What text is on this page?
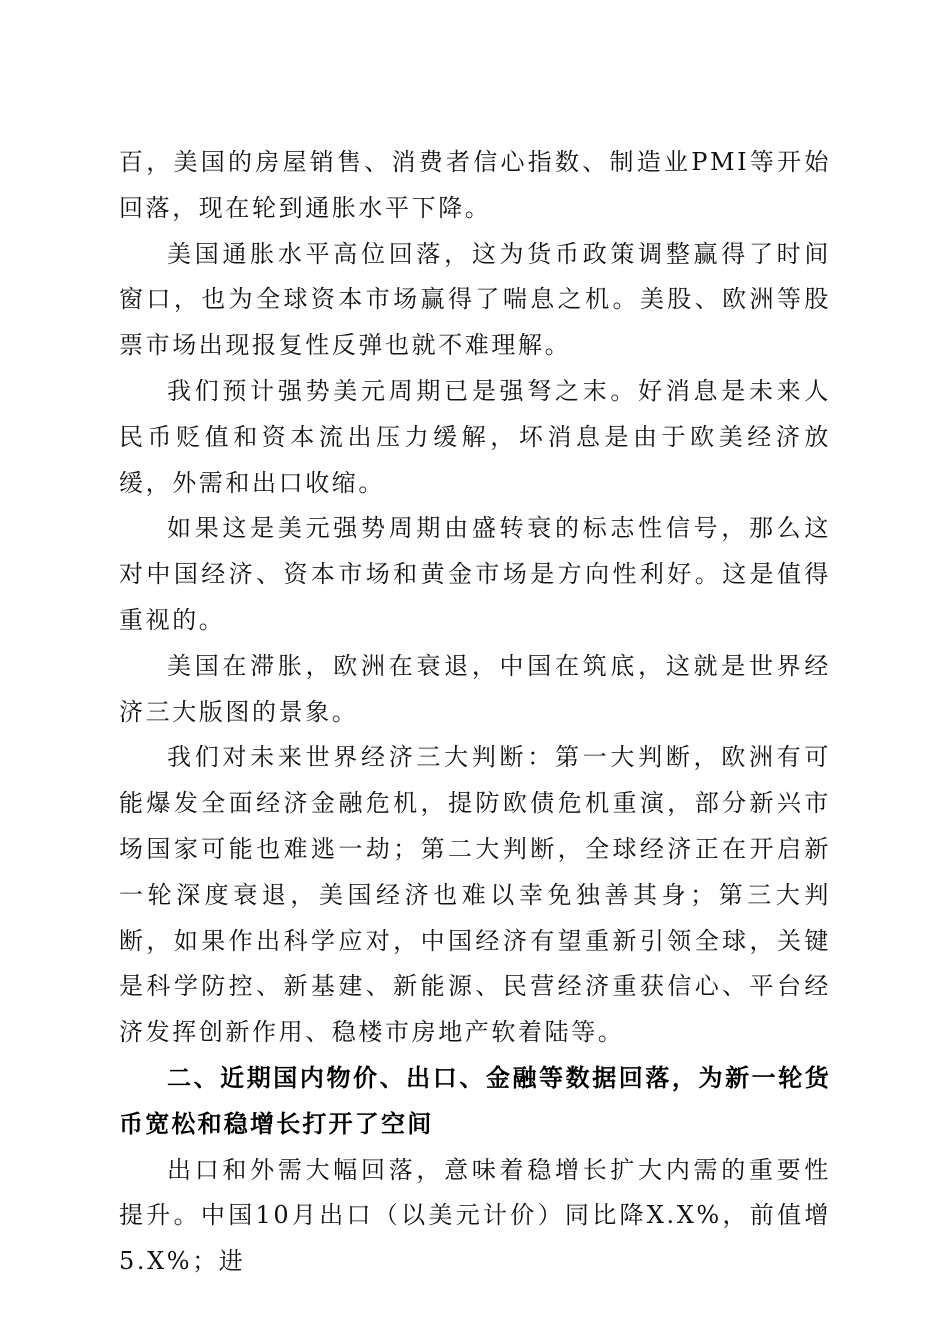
百，美国的房屋销售、消费者信心指数、制造业PMI等开始回落，现在轮到通胀水平下降。

美国通胀水平高位回落，这为货币政策调整赢得了时间窗口，也为全球资本市场赢得了喘息之机。美股、欧洲等股票市场出现报复性反弹也就不难理解。

我们预计强势美元周期已是强弩之末。好消息是未来人民币贬值和资本流出压力缓解，坏消息是由于欧美经济放缓，外需和出口收缩。

如果这是美元强势周期由盛转衰的标志性信号，那么这对中国经济、资本市场和黄金市场是方向性利好。这是值得重视的。

美国在滞胀，欧洲在衰退，中国在筑底，这就是世界经济三大版图的景象。

我们对未来世界经济三大判断：第一大判断，欧洲有可能爆发全面经济金融危机，提防欧债危机重演，部分新兴市场国家可能也难逃一劫；第二大判断，全球经济正在开启新一轮深度衰退，美国经济也难以幸免独善其身；第三大判断，如果作出科学应对，中国经济有望重新引领全球，关键是科学防控、新基建、新能源、民营经济重获信心、平台经济发挥创新作用、稳楼市房地产软着陆等。

二、近期国内物价、出口、金融等数据回落，为新一轮货币宽松和稳增长打开了空间

出口和外需大幅回落，意味着稳增长扩大内需的重要性提升。中国10月出口（以美元计价）同比降X.X%，前值增5.X%；进
